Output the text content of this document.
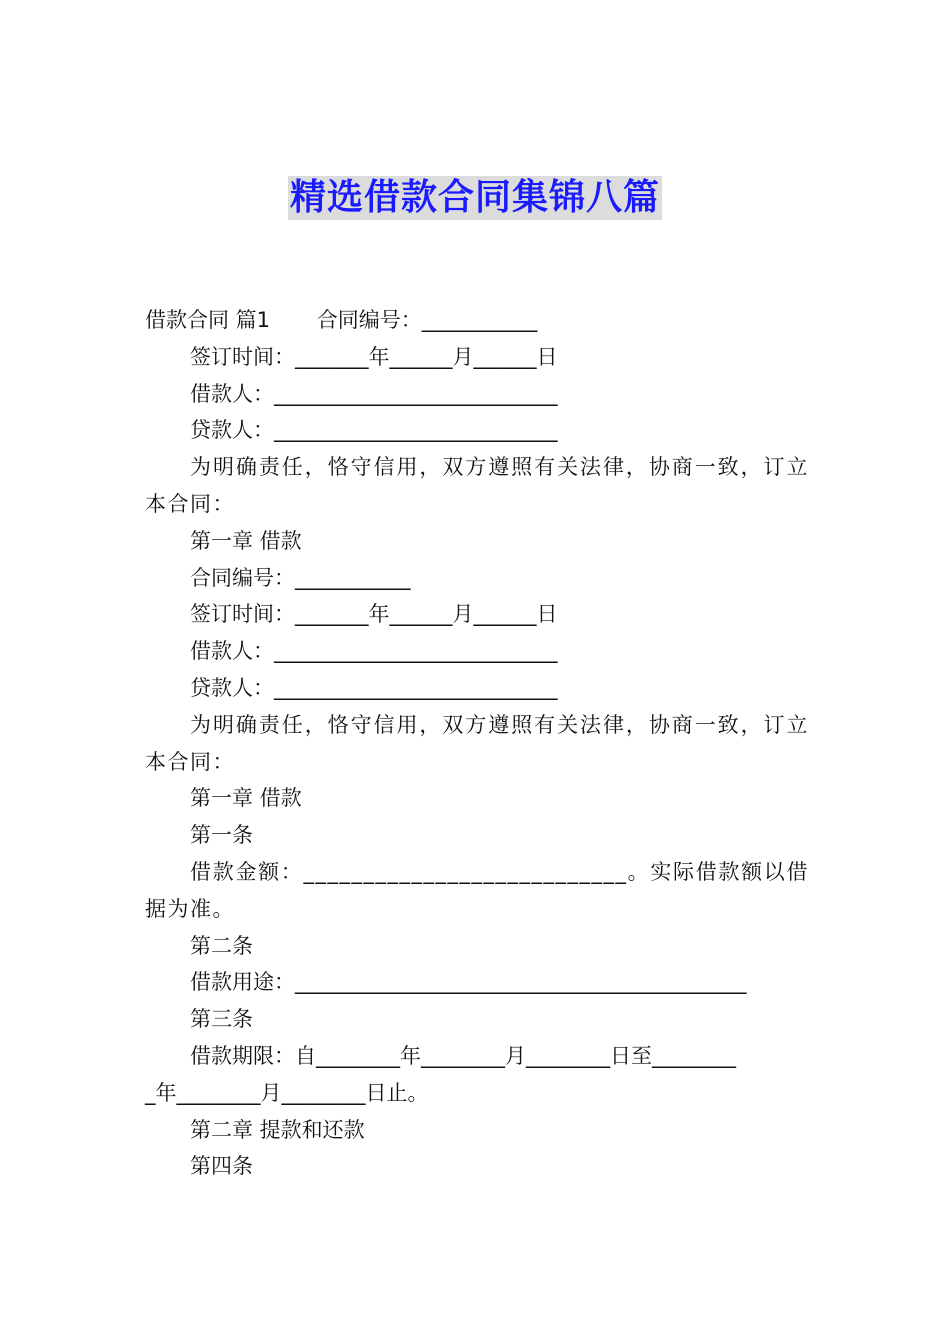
精选借款合同集锦八篇
借款合同 篇1       合同编号：___________
签订时间：_______年______月______日
借款人：___________________________
贷款人：___________________________
为明确责任，恪守信用，双方遵照有关法律，协商一致，订立本合同：
第一章 借款
合同编号：___________
签订时间：_______年______月______日
借款人：___________________________
贷款人：___________________________
为明确责任，恪守信用，双方遵照有关法律，协商一致，订立本合同：
第一章 借款
第一条
借款金额：___________________________。实际借款额以借据为准。
第二条
借款用途：___________________________________________
第三条
借款期限：自________年________月________日至________
_年________月________日止。
第二章 提款和还款
第四条
